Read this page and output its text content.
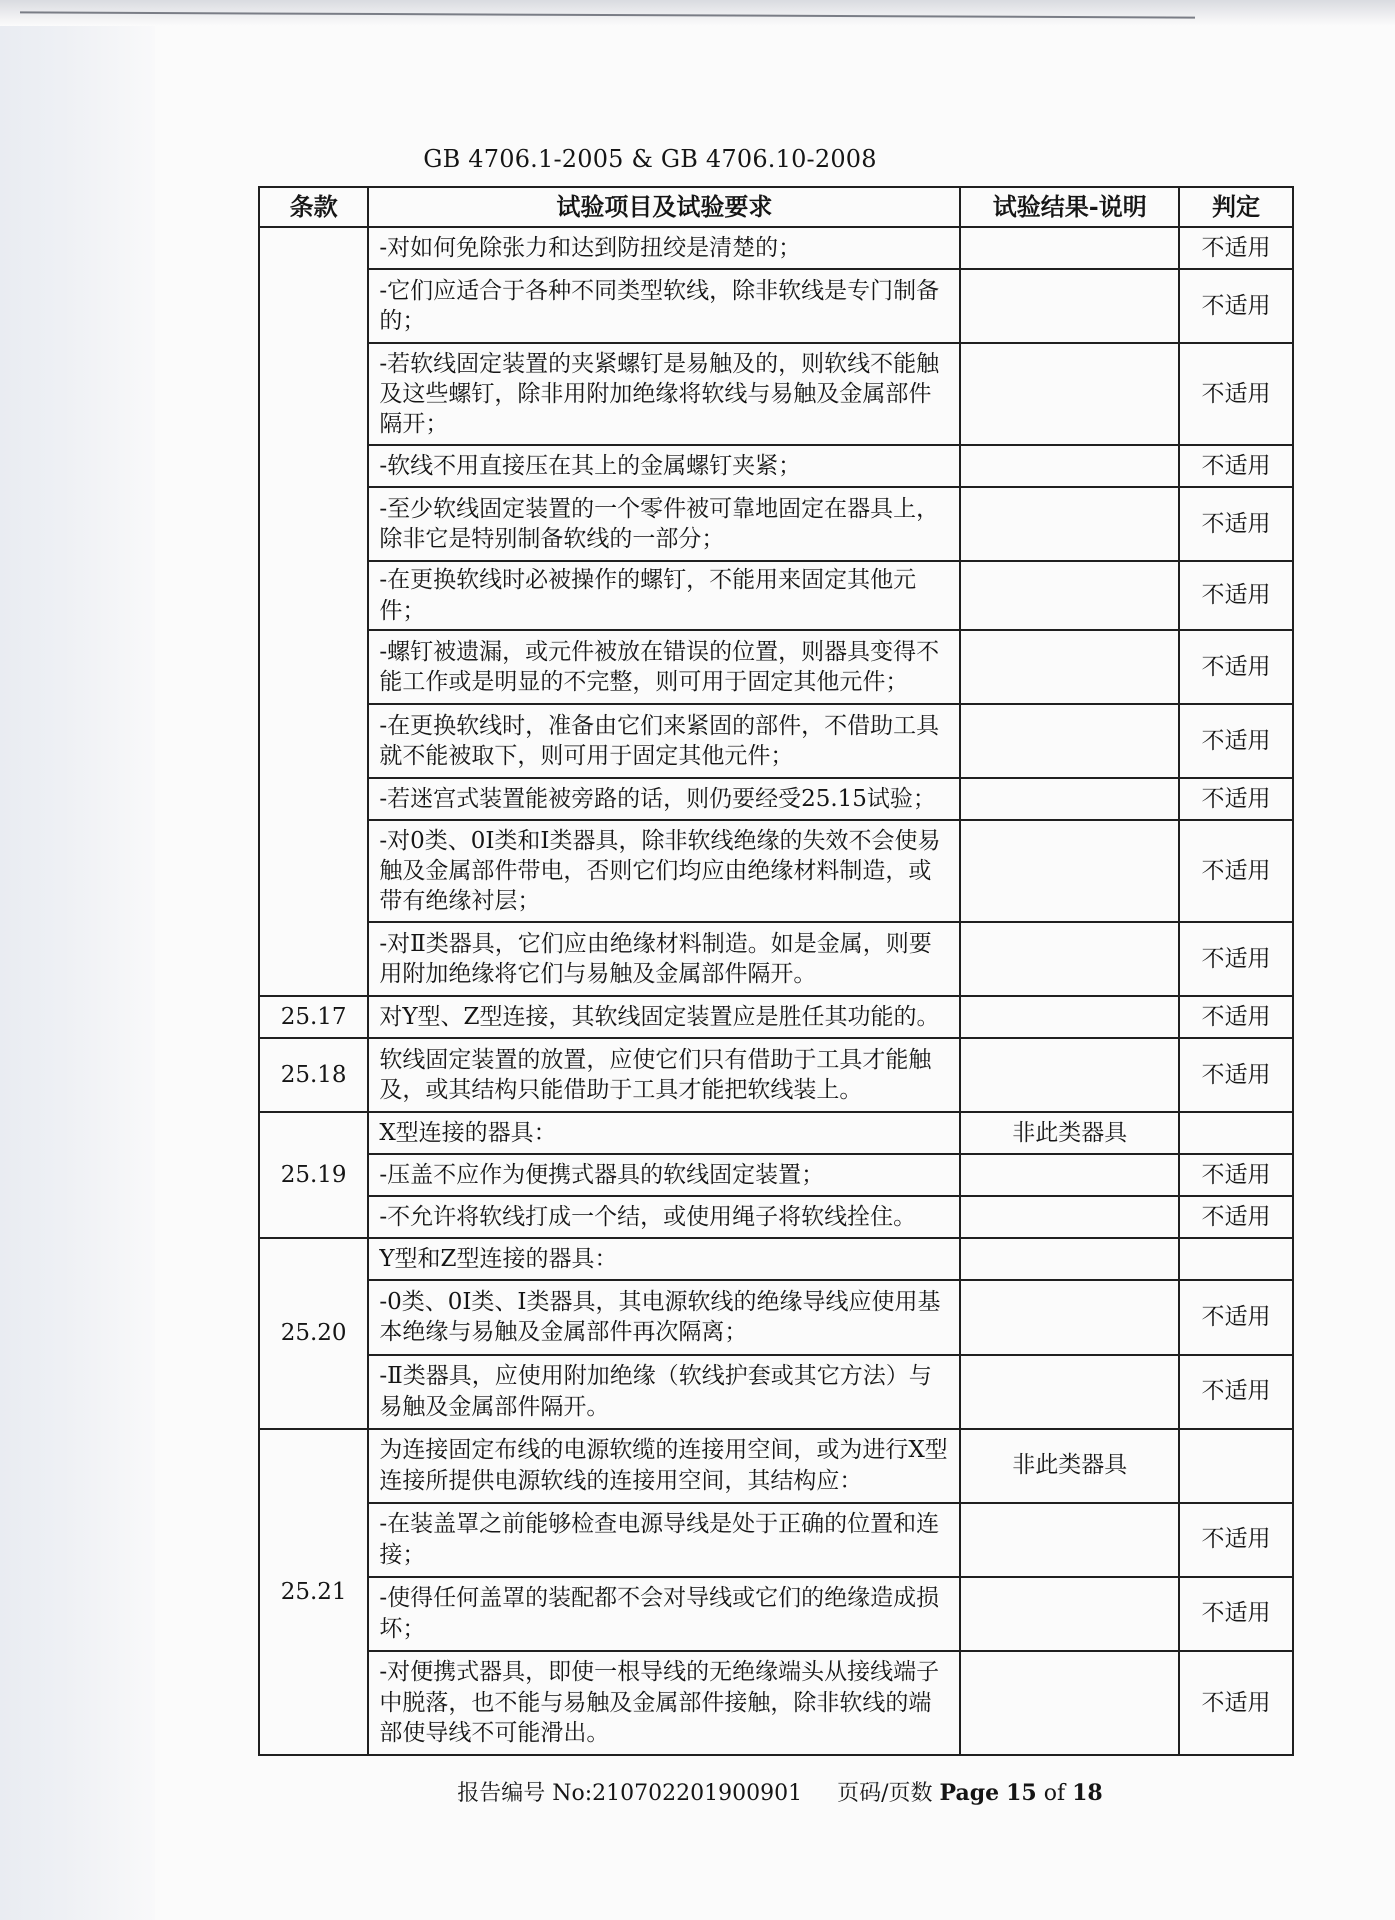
GB 4706.1-2005 & GB 4706.10-2008
条款	试验项目及试验要求	试验结果-说明	判定
	-对如何免除张力和达到防扭绞是清楚的；		不适用
	-它们应适合于各种不同类型软线，除非软线是专门制备的；		不适用
	-若软线固定装置的夹紧螺钉是易触及的，则软线不能触及这些螺钉，除非用附加绝缘将软线与易触及金属部件隔开；		不适用
	-软线不用直接压在其上的金属螺钉夹紧；		不适用
	-至少软线固定装置的一个零件被可靠地固定在器具上，除非它是特别制备软线的一部分；		不适用
	-在更换软线时必被操作的螺钉，不能用来固定其他元件；		不适用
	-螺钉被遗漏，或元件被放在错误的位置，则器具变得不能工作或是明显的不完整，则可用于固定其他元件；		不适用
	-在更换软线时，准备由它们来紧固的部件，不借助工具就不能被取下，则可用于固定其他元件；		不适用
	-若迷宫式装置能被旁路的话，则仍要经受25.15试验；		不适用
	-对0类、0Ⅰ类和Ⅰ类器具，除非软线绝缘的失效不会使易触及金属部件带电，否则它们均应由绝缘材料制造，或带有绝缘衬层；		不适用
	-对Ⅱ类器具，它们应由绝缘材料制造。如是金属，则要用附加绝缘将它们与易触及金属部件隔开。		不适用
25.17	对Y型、Z型连接，其软线固定装置应是胜任其功能的。		不适用
25.18	软线固定装置的放置，应使它们只有借助于工具才能触及，或其结构只能借助于工具才能把软线装上。		不适用
25.19	X型连接的器具：	非此类器具	
	-压盖不应作为便携式器具的软线固定装置；		不适用
	-不允许将软线打成一个结，或使用绳子将软线拴住。		不适用
25.20	Y型和Z型连接的器具：		
	-0类、0Ⅰ类、Ⅰ类器具，其电源软线的绝缘导线应使用基本绝缘与易触及金属部件再次隔离；		不适用
	-Ⅱ类器具，应使用附加绝缘（软线护套或其它方法）与易触及金属部件隔开。		不适用
25.21	为连接固定布线的电源软缆的连接用空间，或为进行X型连接所提供电源软线的连接用空间，其结构应：	非此类器具	
	-在装盖罩之前能够检查电源导线是处于正确的位置和连接；		不适用
	-使得任何盖罩的装配都不会对导线或它们的绝缘造成损坏；		不适用
	-对便携式器具，即使一根导线的无绝缘端头从接线端子中脱落，也不能与易触及金属部件接触，除非软线的端部使导线不可能滑出。		不适用
报告编号 No:210702201900901 页码/页数 Page 15 of 18
